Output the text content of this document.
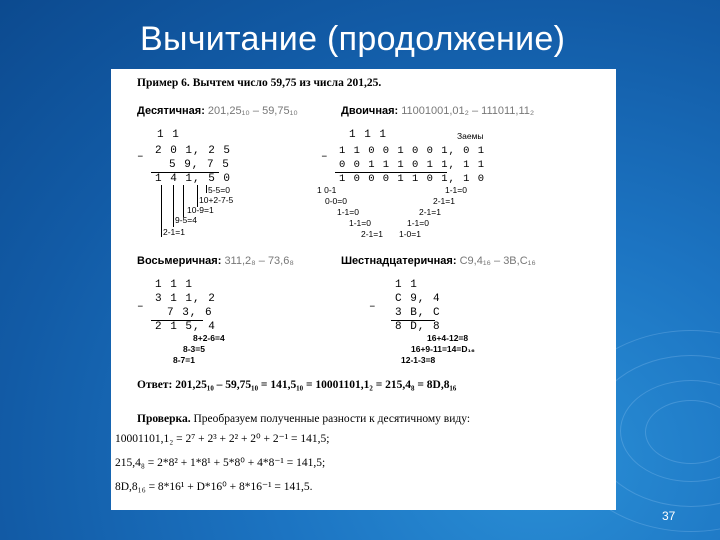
Вычитание (продолжение)
Пример 6. Вычтем число 59,75 из числа 201,25.
Десятичная: 201,25₁₀ – 59,75₁₀
1 1
– 2 0 1, 2 5
5 9, 7 5
1 4 1, 5 0
5-5=0
10+2-7-5
10-9=1
9-5=4
2-1=1
Двоичная: 11001001,01₂ – 111011,11₂
1 1 1	Заемы
– 1 1 0 0 1 0 0 1, 0 1
0 0 1 1 1 0 1 1, 1 1
1 0 0 0 1 1 0 1, 1 0
1 0-1
0-0=0
1-1=0
1-1=0
2-1=1
1-1=0
2-1=1
2-1=1
1-1=0
1-0=1
Восьмеричная: 311,2₈ – 73,6₈
1 1 1
–
3 1 1, 2
7 3, 6
2 1 5, 4
8+2-6=4
8-3=5
8-7=1
Шестнадцатеричная: C9,4₁₆ – 3B,C₁₆
1 1
–
C 9, 4
3 B, C
8 D, 8
16+4-12=8
16+9-11=14=D₁₆
12-1-3=8
Ответ: 201,25₁₀ – 59,75₁₀ = 141,5₁₀ = 10001101,1₂ = 215,4₈ = 8D,8₁₆
Проверка. Преобразуем полученные разности к десятичному виду:
10001101,1₂ = 2⁷ + 2³ + 2² + 2⁰ + 2⁻¹ = 141,5;
215,4₈ = 2*8² + 1*8¹ + 5*8⁰ + 4*8⁻¹ = 141,5;
8D,8₁₆ = 8*16¹ + D*16⁰ + 8*16⁻¹ = 141,5.
37
